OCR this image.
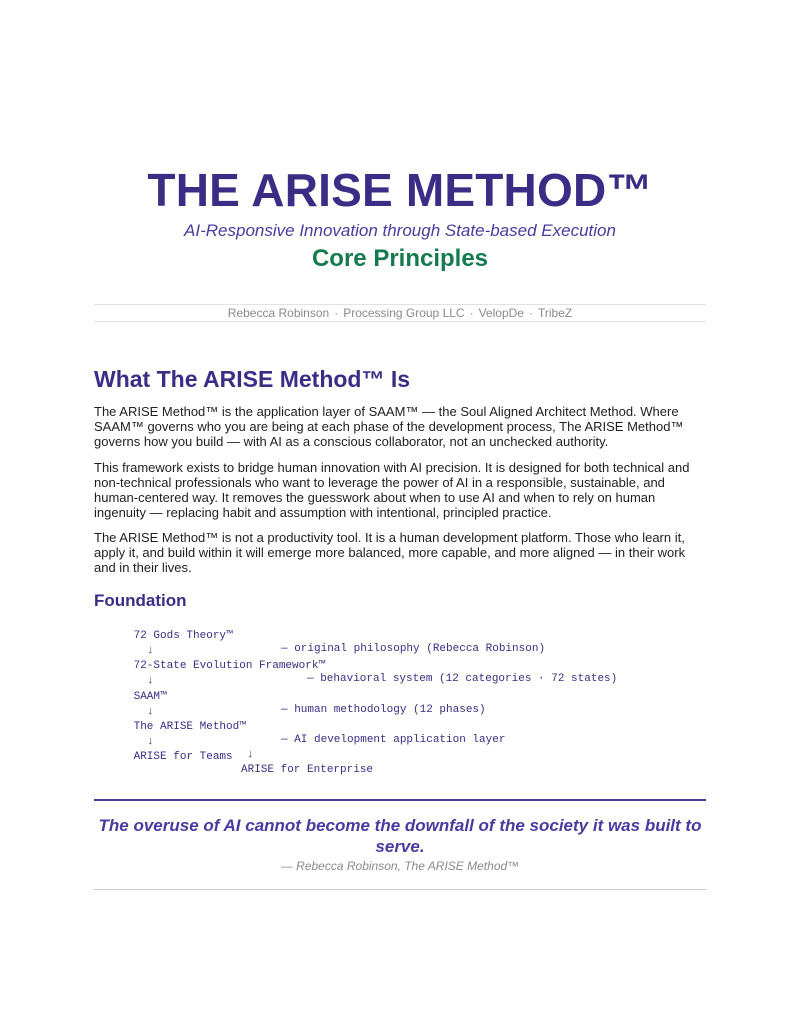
THE ARISE METHOD™
AI-Responsive Innovation through State-based Execution
Core Principles
Rebecca Robinson · Processing Group LLC · VelopDe · TribeZ
What The ARISE Method™ Is

The ARISE Method™ is the application layer of SAAM™ — the Soul Aligned Architect Method. Where SAAM™ governs who you are being at each phase of the development process, The ARISE Method™ governs how you build — with AI as a conscious collaborator, not an unchecked authority.

This framework exists to bridge human innovation with AI precision. It is designed for both technical and non-technical professionals who want to leverage the power of AI in a responsible, sustainable, and human-centered way. It removes the guesswork about when to use AI and when to rely on human ingenuity — replacing habit and assumption with intentional, principled practice.

The ARISE Method™ is not a productivity tool. It is a human development platform. Those who learn it, apply it, and build within it will emerge more balanced, more capable, and more aligned — in their work and in their lives.

Foundation

72 Gods Theory™

— original philosophy (Rebecca Robinson)

↓

72-State Evolution Framework™

— behavioral system (12 categories · 72 states)

↓

SAAM™

— human methodology (12 phases)

↓

The ARISE Method™

— AI development application layer

↓

↓

ARISE for Teams

ARISE for Enterprise

The overuse of AI cannot become the downfall of the society it was built to serve.
— Rebecca Robinson, The ARISE Method™
